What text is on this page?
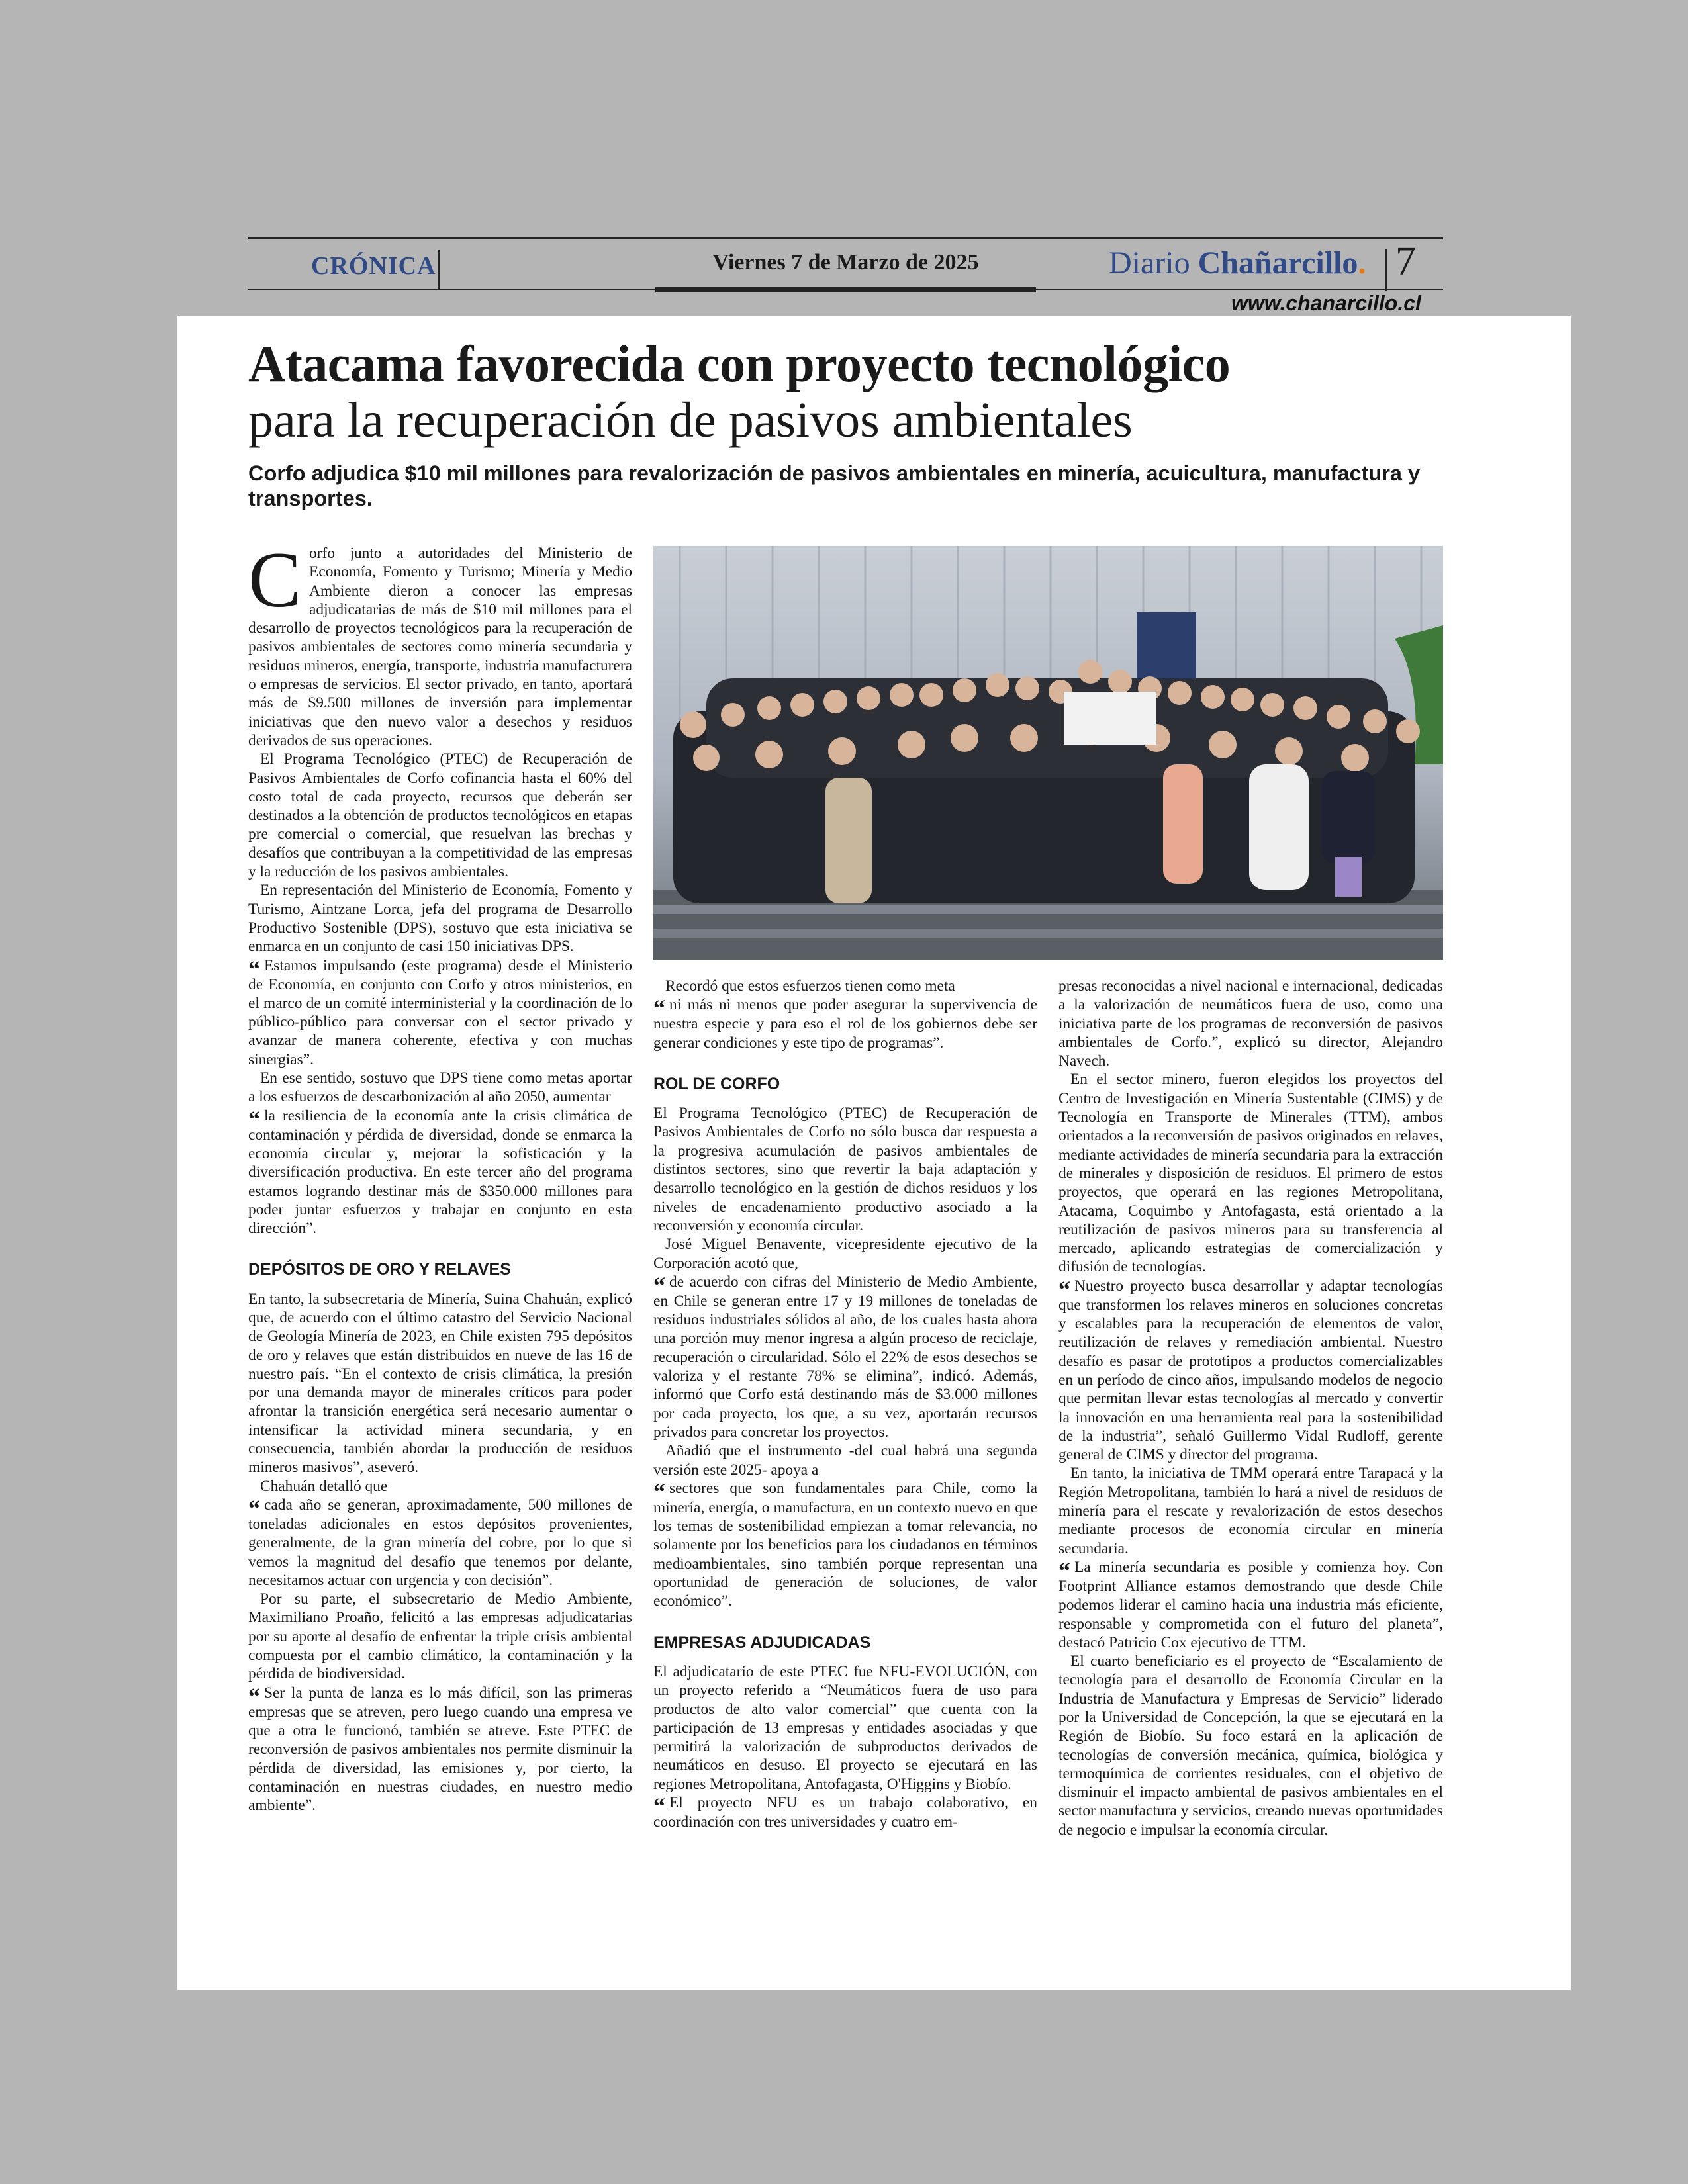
CRÓNICA	Viernes 7 de Marzo de 2025	Diario Chañarcillo. 7
www.chanarcillo.cl
Atacama favorecida con proyecto tecnológico
para la recuperación de pasivos ambientales
Corfo adjudica $10 mil millones para revalorización de pasivos ambientales en minería, acuicultura, manufactura y transportes.

Corfo junto a autoridades del Ministerio de Economía, Fomento y Turismo; Minería y Medio Ambiente dieron a conocer las empresas adjudicatarias de más de $10 mil millones para el desarrollo de proyectos tecnológicos para la recuperación de pasivos ambientales de sectores como minería secundaria y residuos mineros, energía, transporte, industria manufacturera o empresas de servicios. El sector privado, en tanto, aportará más de $9.500 millones de inversión para implementar iniciativas que den nuevo valor a desechos y residuos derivados de sus operaciones.

El Programa Tecnológico (PTEC) de Recuperación de Pasivos Ambientales de Corfo cofinancia hasta el 60% del costo total de cada proyecto, recursos que deberán ser destinados a la obtención de productos tecnológicos en etapas pre comercial o comercial, que resuelvan las brechas y desafíos que contribuyan a la competitividad de las empresas y la reducción de los pasivos ambientales.

En representación del Ministerio de Economía, Fomento y Turismo, Aintzane Lorca, jefa del programa de Desarrollo Productivo Sostenible (DPS), sostuvo que esta iniciativa se enmarca en un conjunto de casi 150 iniciativas DPS.

“ Estamos impulsando (este programa) desde el Ministerio de Economía, en conjunto con Corfo y otros ministerios, en el marco de un comité interministerial y la coordinación de lo público-público para conversar con el sector privado y avanzar de manera coherente, efectiva y con muchas sinergias”.

En ese sentido, sostuvo que DPS tiene como metas aportar a los esfuerzos de descarbonización al año 2050, aumentar

“ la resiliencia de la economía ante la crisis climática de contaminación y pérdida de diversidad, donde se enmarca la economía circular y, mejorar la sofisticación y la diversificación productiva. En este tercer año del programa estamos logrando destinar más de $350.000 millones para poder juntar esfuerzos y trabajar en conjunto en esta dirección”.

DEPÓSITOS DE ORO Y RELAVES

En tanto, la subsecretaria de Minería, Suina Chahuán, explicó que, de acuerdo con el último catastro del Servicio Nacional de Geología Minería de 2023, en Chile existen 795 depósitos de oro y relaves que están distribuidos en nueve de las 16 de nuestro país. “En el contexto de crisis climática, la presión por una demanda mayor de minerales críticos para poder afrontar la transición energética será necesario aumentar o intensificar la actividad minera secundaria, y en consecuencia, también abordar la producción de residuos mineros masivos”, aseveró.

Chahuán detalló que

“ cada año se generan, aproximadamente, 500 millones de toneladas adicionales en estos depósitos provenientes, generalmente, de la gran minería del cobre, por lo que si vemos la magnitud del desafío que tenemos por delante, necesitamos actuar con urgencia y con decisión”.

Por su parte, el subsecretario de Medio Ambiente, Maximiliano Proaño, felicitó a las empresas adjudicatarias por su aporte al desafío de enfrentar la triple crisis ambiental compuesta por el cambio climático, la contaminación y la pérdida de biodiversidad.

“ Ser la punta de lanza es lo más difícil, son las primeras empresas que se atreven, pero luego cuando una empresa ve que a otra le funcionó, también se atreve. Este PTEC de reconversión de pasivos ambientales nos permite disminuir la pérdida de diversidad, las emisiones y, por cierto, la contaminación en nuestras ciudades, en nuestro medio ambiente”.

Recordó que estos esfuerzos tienen como meta

“ ni más ni menos que poder asegurar la supervivencia de nuestra especie y para eso el rol de los gobiernos debe ser generar condiciones y este tipo de programas”.

ROL DE CORFO

El Programa Tecnológico (PTEC) de Recuperación de Pasivos Ambientales de Corfo no sólo busca dar respuesta a la progresiva acumulación de pasivos ambientales de distintos sectores, sino que revertir la baja adaptación y desarrollo tecnológico en la gestión de dichos residuos y los niveles de encadenamiento productivo asociado a la reconversión y economía circular.

José Miguel Benavente, vicepresidente ejecutivo de la Corporación acotó que,

“ de acuerdo con cifras del Ministerio de Medio Ambiente, en Chile se generan entre 17 y 19 millones de toneladas de residuos industriales sólidos al año, de los cuales hasta ahora una porción muy menor ingresa a algún proceso de reciclaje, recuperación o circularidad. Sólo el 22% de esos desechos se valoriza y el restante 78% se elimina”, indicó. Además, informó que Corfo está destinando más de $3.000 millones por cada proyecto, los que, a su vez, aportarán recursos privados para concretar los proyectos.

Añadió que el instrumento -del cual habrá una segunda versión este 2025- apoya a

“ sectores que son fundamentales para Chile, como la minería, energía, o manufactura, en un contexto nuevo en que los temas de sostenibilidad empiezan a tomar relevancia, no solamente por los beneficios para los ciudadanos en términos medioambientales, sino también porque representan una oportunidad de generación de soluciones, de valor económico”.

EMPRESAS ADJUDICADAS

El adjudicatario de este PTEC fue NFU-EVOLUCIÓN, con un proyecto referido a “Neumáticos fuera de uso para productos de alto valor comercial” que cuenta con la participación de 13 empresas y entidades asociadas y que permitirá la valorización de subproductos derivados de neumáticos en desuso. El proyecto se ejecutará en las regiones Metropolitana, Antofagasta, O'Higgins y Biobío.

“ El proyecto NFU es un trabajo colaborativo, en coordinación con tres universidades y cuatro em-

presas reconocidas a nivel nacional e internacional, dedicadas a la valorización de neumáticos fuera de uso, como una iniciativa parte de los programas de reconversión de pasivos ambientales de Corfo.”, explicó su director, Alejandro Navech.

En el sector minero, fueron elegidos los proyectos del Centro de Investigación en Minería Sustentable (CIMS) y de Tecnología en Transporte de Minerales (TTM), ambos orientados a la reconversión de pasivos originados en relaves, mediante actividades de minería secundaria para la extracción de minerales y disposición de residuos. El primero de estos proyectos, que operará en las regiones Metropolitana, Atacama, Coquimbo y Antofagasta, está orientado a la reutilización de pasivos mineros para su transferencia al mercado, aplicando estrategias de comercialización y difusión de tecnologías.

“ Nuestro proyecto busca desarrollar y adaptar tecnologías que transformen los relaves mineros en soluciones concretas y escalables para la recuperación de elementos de valor, reutilización de relaves y remediación ambiental. Nuestro desafío es pasar de prototipos a productos comercializables en un período de cinco años, impulsando modelos de negocio que permitan llevar estas tecnologías al mercado y convertir la innovación en una herramienta real para la sostenibilidad de la industria”, señaló Guillermo Vidal Rudloff, gerente general de CIMS y director del programa.

En tanto, la iniciativa de TMM operará entre Tarapacá y la Región Metropolitana, también lo hará a nivel de residuos de minería para el rescate y revalorización de estos desechos mediante procesos de economía circular en minería secundaria.

“ La minería secundaria es posible y comienza hoy. Con Footprint Alliance estamos demostrando que desde Chile podemos liderar el camino hacia una industria más eficiente, responsable y comprometida con el futuro del planeta”, destacó Patricio Cox ejecutivo de TTM.

El cuarto beneficiario es el proyecto de “Escalamiento de tecnología para el desarrollo de Economía Circular en la Industria de Manufactura y Empresas de Servicio” liderado por la Universidad de Concepción, la que se ejecutará en la Región de Biobío. Su foco estará en la aplicación de tecnologías de conversión mecánica, química, biológica y termoquímica de corrientes residuales, con el objetivo de disminuir el impacto ambiental de pasivos ambientales en el sector manufactura y servicios, creando nuevas oportunidades de negocio e impulsar la economía circular.
